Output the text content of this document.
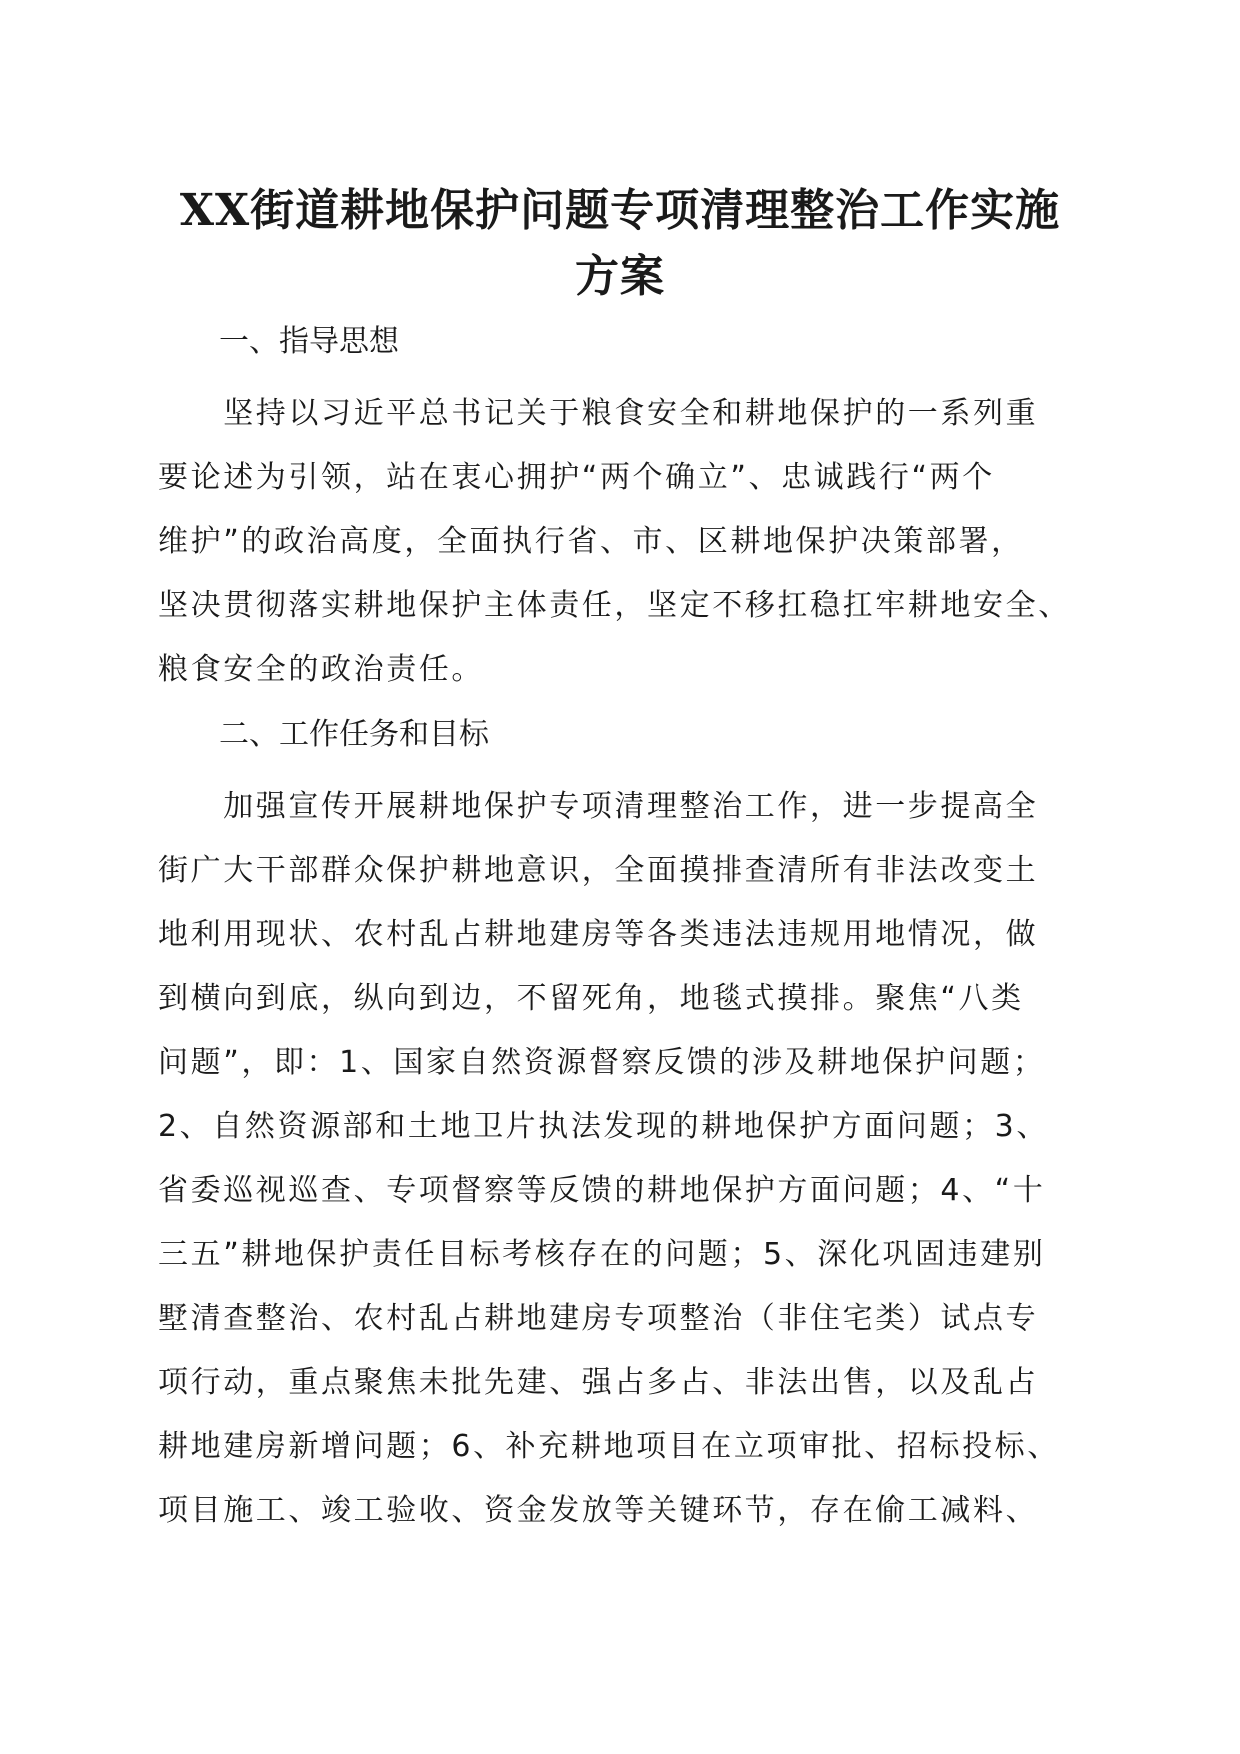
XX街道耕地保护问题专项清理整治工作实施
方案
一、指导思想
　　坚持以习近平总书记关于粮食安全和耕地保护的一系列重
要论述为引领，站在衷心拥护“两个确立”、忠诚践行“两个
维护”的政治高度，全面执行省、市、区耕地保护决策部署，
坚决贯彻落实耕地保护主体责任，坚定不移扛稳扛牢耕地安全、
粮食安全的政治责任。
二、工作任务和目标
　　加强宣传开展耕地保护专项清理整治工作，进一步提高全
街广大干部群众保护耕地意识，全面摸排查清所有非法改变土
地利用现状、农村乱占耕地建房等各类违法违规用地情况，做
到横向到底，纵向到边，不留死角，地毯式摸排。聚焦“八类
问题”，即：1、国家自然资源督察反馈的涉及耕地保护问题；
2、自然资源部和土地卫片执法发现的耕地保护方面问题；3、
省委巡视巡查、专项督察等反馈的耕地保护方面问题；4、“十
三五”耕地保护责任目标考核存在的问题；5、深化巩固违建别
墅清查整治、农村乱占耕地建房专项整治（非住宅类）试点专
项行动，重点聚焦未批先建、强占多占、非法出售，以及乱占
耕地建房新增问题；6、补充耕地项目在立项审批、招标投标、
项目施工、竣工验收、资金发放等关键环节，存在偷工减料、
